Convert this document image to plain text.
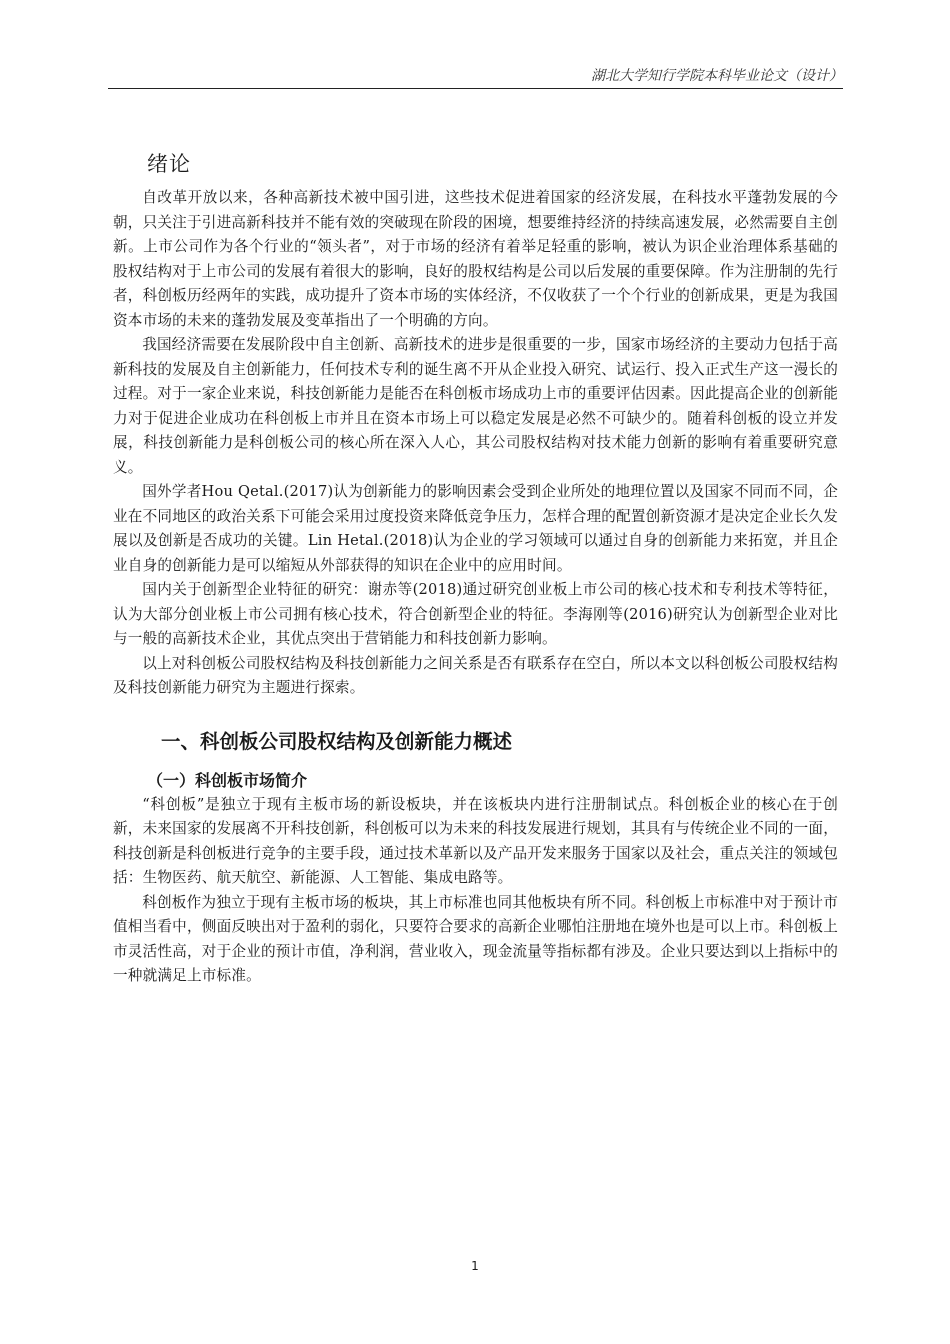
湖北大学知行学院本科毕业论文（设计）
绪论

自改革开放以来，各种高新技术被中国引进，这些技术促进着国家的经济发展，在科技水平蓬勃发展的今朝，只关注于引进高新科技并不能有效的突破现在阶段的困境，想要维持经济的持续高速发展，必然需要自主创新。上市公司作为各个行业的“领头者”，对于市场的经济有着举足轻重的影响，被认为识企业治理体系基础的股权结构对于上市公司的发展有着很大的影响，良好的股权结构是公司以后发展的重要保障。作为注册制的先行者，科创板历经两年的实践，成功提升了资本市场的实体经济，不仅收获了一个个行业的创新成果，更是为我国资本市场的未来的蓬勃发展及变革指出了一个明确的方向。

我国经济需要在发展阶段中自主创新、高新技术的进步是很重要的一步，国家市场经济的主要动力包括于高新科技的发展及自主创新能力，任何技术专利的诞生离不开从企业投入研究、试运行、投入正式生产这一漫长的过程。对于一家企业来说，科技创新能力是能否在科创板市场成功上市的重要评估因素。因此提高企业的创新能力对于促进企业成功在科创板上市并且在资本市场上可以稳定发展是必然不可缺少的。随着科创板的设立并发展，科技创新能力是科创板公司的核心所在深入人心，其公司股权结构对技术能力创新的影响有着重要研究意义。

国外学者Hou Qetal.(2017)认为创新能力的影响因素会受到企业所处的地理位置以及国家不同而不同，企业在不同地区的政治关系下可能会采用过度投资来降低竞争压力，怎样合理的配置创新资源才是决定企业长久发展以及创新是否成功的关键。Lin Hetal.(2018)认为企业的学习领域可以通过自身的创新能力来拓宽，并且企业自身的创新能力是可以缩短从外部获得的知识在企业中的应用时间。

国内关于创新型企业特征的研究：谢赤等(2018)通过研究创业板上市公司的核心技术和专利技术等特征，认为大部分创业板上市公司拥有核心技术，符合创新型企业的特征。李海刚等(2016)研究认为创新型企业对比与一般的高新技术企业，其优点突出于营销能力和科技创新力影响。

以上对科创板公司股权结构及科技创新能力之间关系是否有联系存在空白，所以本文以科创板公司股权结构及科技创新能力研究为主题进行探索。

一、科创板公司股权结构及创新能力概述
（一）科创板市场简介

“科创板”是独立于现有主板市场的新设板块，并在该板块内进行注册制试点。科创板企业的核心在于创新，未来国家的发展离不开科技创新，科创板可以为未来的科技发展进行规划，其具有与传统企业不同的一面，科技创新是科创板进行竞争的主要手段，通过技术革新以及产品开发来服务于国家以及社会，重点关注的领域包括：生物医药、航天航空、新能源、人工智能、集成电路等。

科创板作为独立于现有主板市场的板块，其上市标准也同其他板块有所不同。科创板上市标准中对于预计市值相当看中，侧面反映出对于盈利的弱化，只要符合要求的高新企业哪怕注册地在境外也是可以上市。科创板上市灵活性高，对于企业的预计市值，净利润，营业收入，现金流量等指标都有涉及。企业只要达到以上指标中的一种就满足上市标准。

1
